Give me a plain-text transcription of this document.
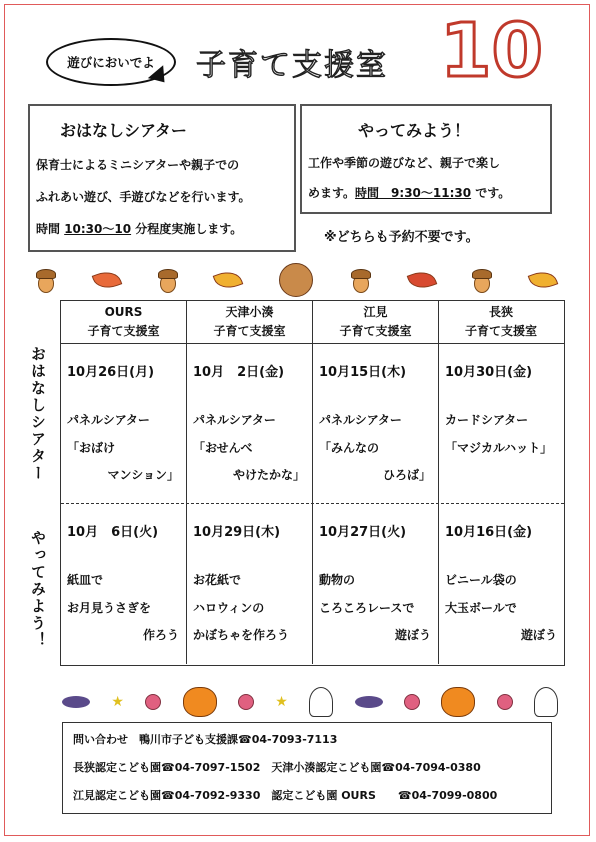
遊びにおいでよ 子育て支援室 10
おはなしシアター

保育士によるミニシアターや親子での

ふれあい遊び、手遊びなどを行います。

時間 10:30～10 分程度実施します。

やってみよう！

工作や季節の遊びなど、親子で楽し

めます。時間　9:30～11:30 です。

※どちらも予約不要です。
おはなしシアター
やってみよう！
OURS
子育て支援室
10月26日(月)
パネルシアター
「おばけ
マンション」
10月　6日(火)
紙皿で
お月見うさぎを
作ろう
天津小湊
子育て支援室
10月　2日(金)
パネルシアター
「おせんべ
やけたかな」
10月29日(木)
お花紙で
ハロウィンの
かぼちゃを作ろう
江見
子育て支援室
10月15日(木)
パネルシアター
「みんなの
ひろば」
10月27日(火)
動物の
ころころレースで
遊ぼう
長狭
子育て支援室
10月30日(金)
カードシアター
「マジカルハット」
10月16日(金)
ビニール袋の
大玉ボールで
遊ぼう
★	★

問い合わせ　鴨川市子ども支援課☎04-7093-7113

長狭認定こども園☎04-7097-1502　天津小湊認定こども園☎04-7094-0380

江見認定こども園☎04-7092-9330　認定こども園 OURS　　☎04-7099-0800
